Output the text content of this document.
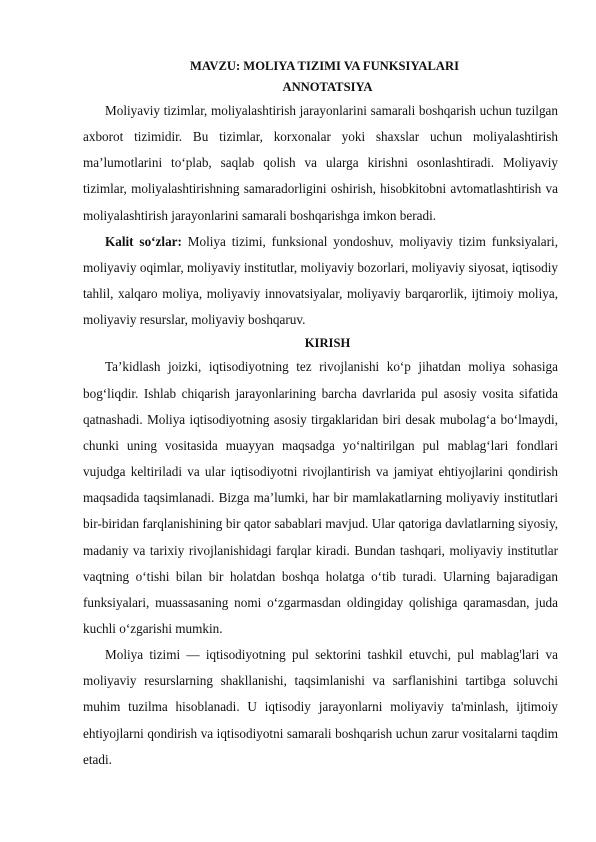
MAVZU: MOLIYA TIZIMI VA FUNKSIYALARI
ANNOTATSIYA

Moliyaviy tizimlar, moliyalashtirish jarayonlarini samarali boshqarish uchun tuzilgan axborot tizimidir. Bu tizimlar, korxonalar yoki shaxslar uchun moliyalashtirish ma’lumotlarini to‘plab, saqlab qolish va ularga kirishni osonlashtiradi. Moliyaviy tizimlar, moliyalashtirishning samaradorligini oshirish, hisobkitobni avtomatlashtirish va moliyalashtirish jarayonlarini samarali boshqarishga imkon beradi.

Kalit so‘zlar: Moliya tizimi, funksional yondoshuv, moliyaviy tizim funksiyalari, moliyaviy oqimlar, moliyaviy institutlar, moliyaviy bozorlari, moliyaviy siyosat, iqtisodiy tahlil, xalqaro moliya, moliyaviy innovatsiyalar, moliyaviy barqarorlik, ijtimoiy moliya, moliyaviy resurslar, moliyaviy boshqaruv.

KIRISH

Ta’kidlash joizki, iqtisodiyotning tez rivojlanishi ko‘p jihatdan moliya sohasiga bog‘liqdir. Ishlab chiqarish jarayonlarining barcha davrlarida pul asosiy vosita sifatida qatnashadi. Moliya iqtisodiyotning asosiy tirgaklaridan biri desak mubolag‘a bo‘lmaydi, chunki uning vositasida muayyan maqsadga yo‘naltirilgan pul mablag‘lari fondlari vujudga keltiriladi va ular iqtisodiyotni rivojlantirish va jamiyat ehtiyojlarini qondirish maqsadida taqsimlanadi. Bizga ma’lumki, har bir mamlakatlarning moliyaviy institutlari bir-biridan farqlanishining bir qator sabablari mavjud. Ular qatoriga davlatlarning siyosiy, madaniy va tarixiy rivojlanishidagi farqlar kiradi. Bundan tashqari, moliyaviy institutlar vaqtning o‘tishi bilan bir holatdan boshqa holatga o‘tib turadi. Ularning bajaradigan funksiyalari, muassasaning nomi o‘zgarmasdan oldingiday qolishiga qaramasdan, juda kuchli o‘zgarishi mumkin.

Moliya tizimi — iqtisodiyotning pul sektorini tashkil etuvchi, pul mablag'lari va moliyaviy resurslarning shakllanishi, taqsimlanishi va sarflanishini tartibga soluvchi muhim tuzilma hisoblanadi. U iqtisodiy jarayonlarni moliyaviy ta'minlash, ijtimoiy ehtiyojlarni qondirish va iqtisodiyotni samarali boshqarish uchun zarur vositalarni taqdim etadi.
